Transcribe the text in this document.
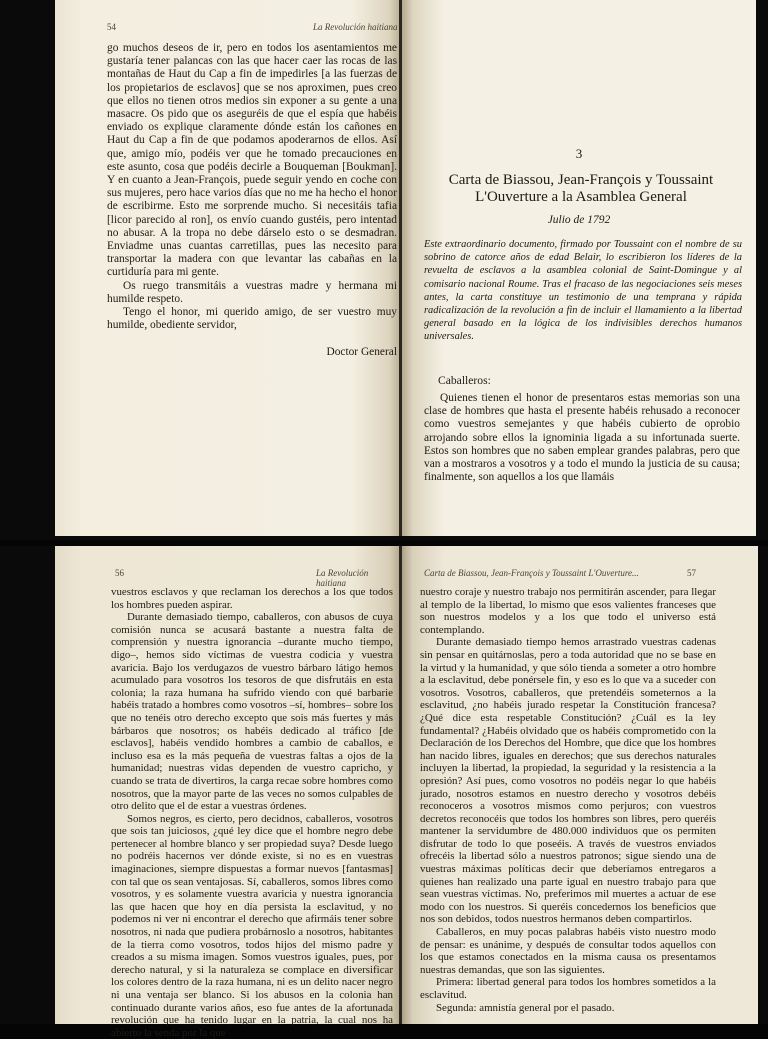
54	La Revolución haitiana

go muchos deseos de ir, pero en todos los asentamientos me gustaría tener palancas con las que hacer caer las rocas de las montañas de Haut du Cap a fin de impedirles [a las fuerzas de los propietarios de esclavos] que se nos aproximen, pues creo que ellos no tienen otros medios sin exponer a su gente a una masacre. Os pido que os aseguréis de que el espía que habéis enviado os explique claramente dónde están los cañones en Haut du Cap a fin de que podamos apoderarnos de ellos. Así que, amigo mío, podéis ver que he tomado precauciones en este asunto, cosa que podéis decirle a Bouqueman [Boukman]. Y en cuanto a Jean-François, puede seguir yendo en coche con sus mujeres, pero hace varios días que no me ha hecho el honor de escribirme. Esto me sorprende mucho. Si necesitáis tafia [licor parecido al ron], os envío cuando gustéis, pero intentad no abusar. A la tropa no debe dárselo esto o se desmadran. Enviadme unas cuantas carretillas, pues las necesito para transportar la madera con que levantar las cabañas en la curtiduría para mi gente.

Os ruego transmitáis a vuestras madre y hermana mi humilde respeto.

Tengo el honor, mi querido amigo, de ser vuestro muy humilde, obediente servidor,

Doctor General
3
Carta de Biassou, Jean-François y Toussaint L'Ouverture a la Asamblea General
Julio de 1792
Este extraordinario documento, firmado por Toussaint con el nombre de su sobrino de catorce años de edad Belair, lo escribieron los líderes de la revuelta de esclavos a la asamblea colonial de Saint-Domingue y al comisario nacional Roume. Tras el fracaso de las negociaciones seis meses antes, la carta constituye un testimonio de una temprana y rápida radicalización de la revolución a fin de incluir el llamamiento a la libertad general basado en la lógica de los indivisibles derechos humanos universales.
Caballeros:

Quienes tienen el honor de presentaros estas memorias son una clase de hombres que hasta el presente habéis rehusado a reconocer como vuestros semejantes y que habéis cubierto de oprobio arrojando sobre ellos la ignominia ligada a su infortunada suerte. Estos son hombres que no saben emplear grandes palabras, pero que van a mostraros a vosotros y a todo el mundo la justicia de su causa; finalmente, son aquellos a los que llamáis

56	La Revolución haitiana

vuestros esclavos y que reclaman los derechos a los que todos los hombres pueden aspirar.

Durante demasiado tiempo, caballeros, con abusos de cuya comisión nunca se acusará bastante a nuestra falta de comprensión y nuestra ignorancia –durante mucho tiempo, digo–, hemos sido víctimas de vuestra codicia y vuestra avaricia. Bajo los verdugazos de vuestro bárbaro látigo hemos acumulado para vosotros los tesoros de que disfrutáis en esta colonia; la raza humana ha sufrido viendo con qué barbarie habéis tratado a hombres como vosotros –sí, hombres– sobre los que no tenéis otro derecho excepto que sois más fuertes y más bárbaros que nosotros; os habéis dedicado al tráfico [de esclavos], habéis vendido hombres a cambio de caballos, e incluso esa es la más pequeña de vuestras faltas a ojos de la humanidad; nuestras vidas dependen de vuestro capricho, y cuando se trata de divertiros, la carga recae sobre hombres como nosotros, que la mayor parte de las veces no somos culpables de otro delito que el de estar a vuestras órdenes.

Somos negros, es cierto, pero decidnos, caballeros, vosotros que sois tan juiciosos, ¿qué ley dice que el hombre negro debe pertenecer al hombre blanco y ser propiedad suya? Desde luego no podréis hacernos ver dónde existe, si no es en vuestras imaginaciones, siempre dispuestas a formar nuevos [fantasmas] con tal que os sean ventajosas. Sí, caballeros, somos libres como vosotros, y es solamente vuestra avaricia y nuestra ignorancia las que hacen que hoy en día persista la esclavitud, y no podemos ni ver ni encontrar el derecho que afirmáis tener sobre nosotros, ni nada que pudiera probárnoslo a nosotros, habitantes de la tierra como vosotros, todos hijos del mismo padre y creados a su misma imagen. Somos vuestros iguales, pues, por derecho natural, y si la naturaleza se complace en diversificar los colores dentro de la raza humana, ni es un delito nacer negro ni una ventaja ser blanco. Si los abusos en la colonia han continuado durante varios años, eso fue antes de la afortunada revolución que ha tenido lugar en la patria, la cual nos ha abierto la senda por la que

Carta de Biassou, Jean-François y Toussaint L'Ouverture...	57

nuestro coraje y nuestro trabajo nos permitirán ascender, para llegar al templo de la libertad, lo mismo que esos valientes franceses que son nuestros modelos y a los que todo el universo está contemplando.

Durante demasiado tiempo hemos arrastrado vuestras cadenas sin pensar en quitárnoslas, pero a toda autoridad que no se base en la virtud y la humanidad, y que sólo tienda a someter a otro hombre a la esclavitud, debe ponérsele fin, y eso es lo que va a suceder con vosotros. Vosotros, caballeros, que pretendéis someternos a la esclavitud, ¿no habéis jurado respetar la Constitución francesa? ¿Qué dice esta respetable Constitución? ¿Cuál es la ley fundamental? ¿Habéis olvidado que os habéis comprometido con la Declaración de los Derechos del Hombre, que dice que los hombres han nacido libres, iguales en derechos; que sus derechos naturales incluyen la libertad, la propiedad, la seguridad y la resistencia a la opresión? Así pues, como vosotros no podéis negar lo que habéis jurado, nosotros estamos en nuestro derecho y vosotros debéis reconoceros a vosotros mismos como perjuros; con vuestros decretos reconocéis que todos los hombres son libres, pero queréis mantener la servidumbre de 480.000 individuos que os permiten disfrutar de todo lo que poseéis. A través de vuestros enviados ofrecéis la libertad sólo a nuestros patronos; sigue siendo una de vuestras máximas políticas decir que deberíamos entregaros a quienes han realizado una parte igual en nuestro trabajo para que sean vuestras víctimas. No, preferimos mil muertes a actuar de ese modo con los nuestros. Si queréis concedernos los beneficios que nos son debidos, todos nuestros hermanos deben compartirlos.

Caballeros, en muy pocas palabras habéis visto nuestro modo de pensar: es unánime, y después de consultar todos aquellos con los que estamos conectados en la misma causa os presentamos nuestras demandas, que son las siguientes.

Primera: libertad general para todos los hombres sometidos a la esclavitud.

Segunda: amnistía general por el pasado.
